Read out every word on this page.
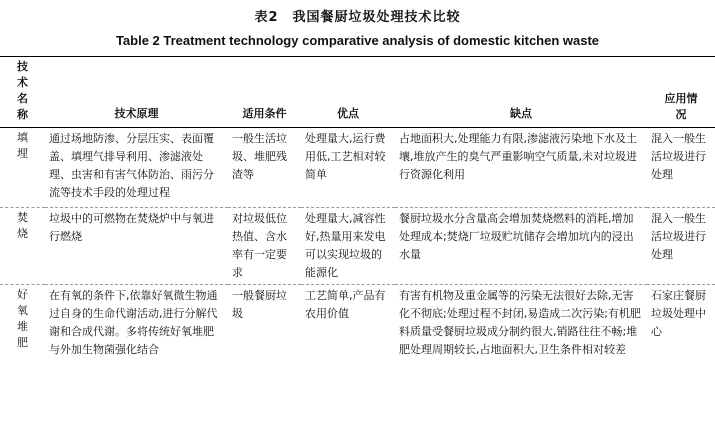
表2　我国餐厨垃圾处理技术比较
Table 2 Treatment technology comparative analysis of domestic kitchen waste
技术名称	技术原理	适用条件	优点	缺点	应用情况

填埋	通过场地防渗、分层压实、表面覆盖、填埋气排导利用、渗滤液处理、虫害和有害气体防治、雨污分流等技术手段的处理过程	一般生活垃圾、堆肥残渣等	处理量大,运行费用低,工艺相对较简单	占地面积大,处理能力有限,渗滤液污染地下水及土壤,堆放产生的臭气严重影响空气质量,未对垃圾进行资源化利用	混入一般生活垃圾进行处理

焚烧	垃圾中的可燃物在焚烧炉中与氧进行燃烧	对垃圾低位热值、含水率有一定要求	处理量大,减容性好,热量用来发电可以实现垃圾的能源化	餐厨垃圾水分含量高会增加焚烧燃料的消耗,增加处理成本;焚烧厂垃圾贮坑储存会增加坑内的浸出水量	混入一般生活垃圾进行处理

好氧堆肥	在有氧的条件下,依靠好氧微生物通过自身的生命代谢活动,进行分解代谢和合成代谢。多将传统好氧堆肥与外加生物菌强化结合	一般餐厨垃圾	工艺简单,产品有农用价值	有害有机物及重金属等的污染无法很好去除,无害化不彻底;处理过程不封闭,易造成二次污染;有机肥料质量受餐厨垃圾成分制约很大,销路往往不畅;堆肥处理周期较长,占地面积大,卫生条件相对较差	石家庄餐厨垃圾处理中心
